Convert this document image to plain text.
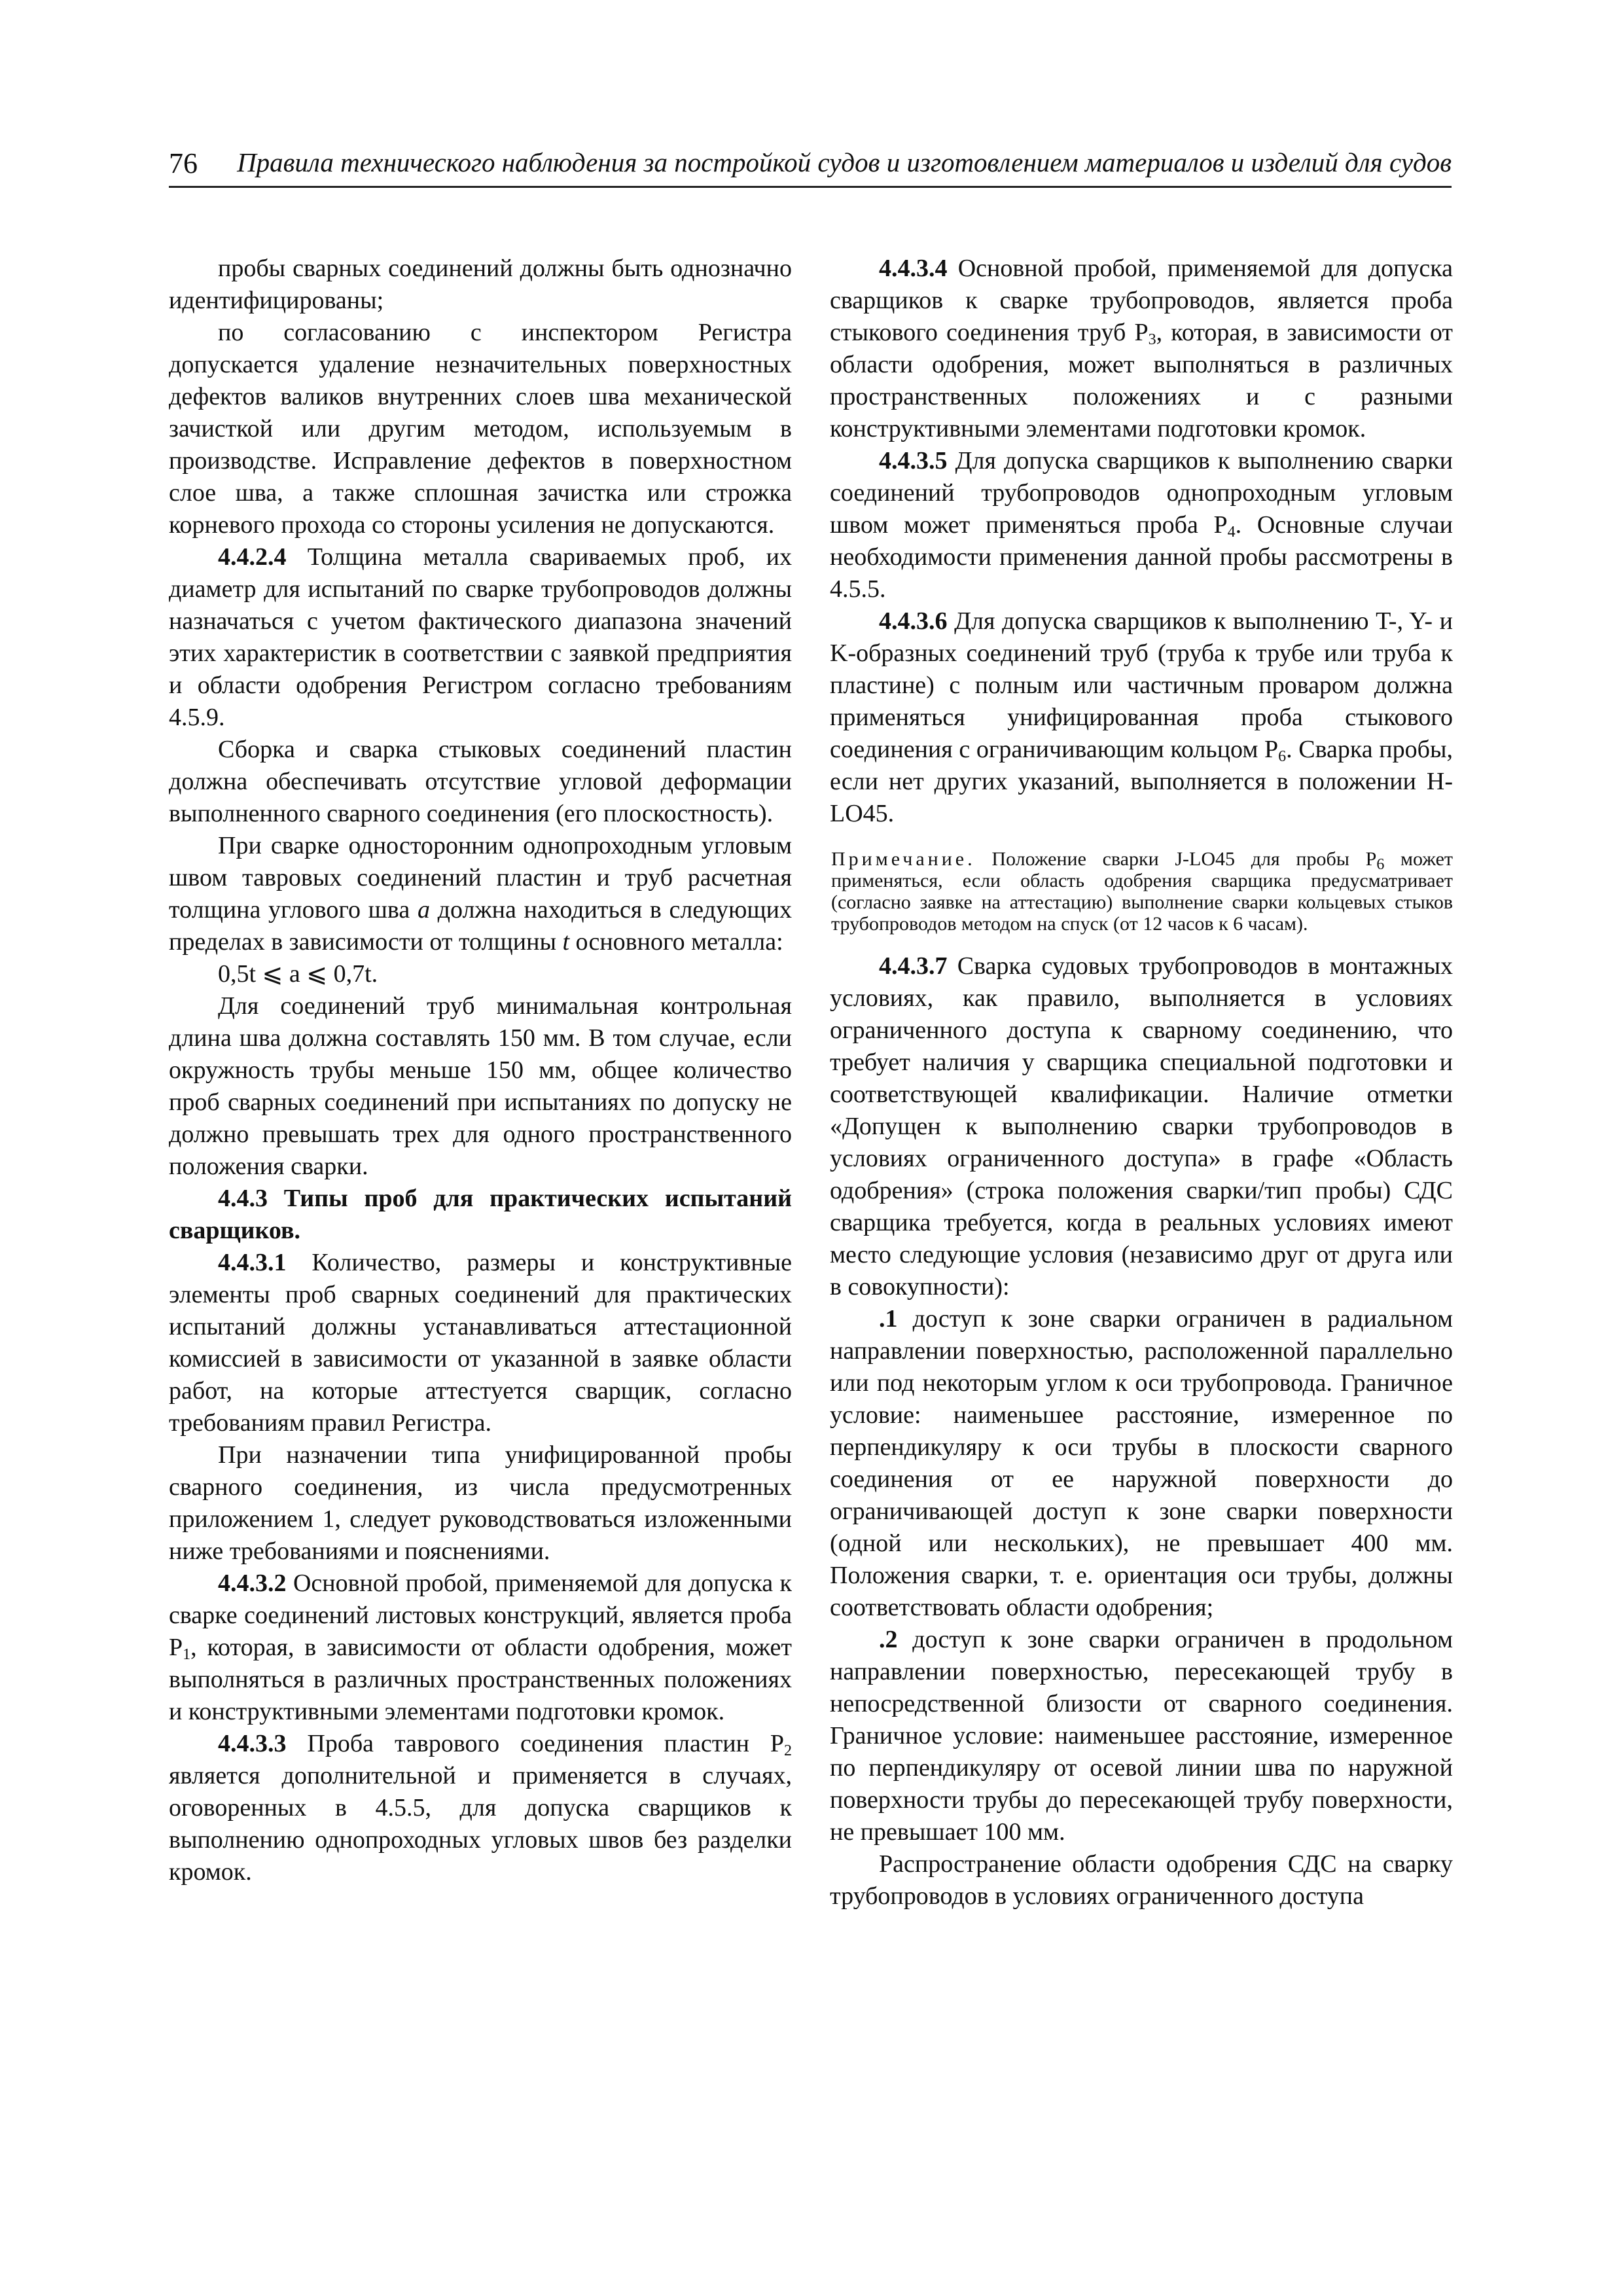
76 Правила технического наблюдения за постройкой судов и изготовлением материалов и изделий для судов

пробы сварных соединений должны быть однозначно идентифицированы;

по согласованию с инспектором Регистра допускается удаление незначительных поверхностных дефектов валиков внутренних слоев шва механической зачисткой или другим методом, используемым в производстве. Исправление дефектов в поверхностном слое шва, а также сплошная зачистка или строжка корневого прохода со стороны усиления не допускаются.

4.4.2.4 Толщина металла свариваемых проб, их диаметр для испытаний по сварке трубопроводов должны назначаться с учетом фактического диапазона значений этих характеристик в соответствии с заявкой предприятия и области одобрения Регистром согласно требованиям 4.5.9.

Сборка и сварка стыковых соединений пластин должна обеспечивать отсутствие угловой деформации выполненного сварного соединения (его плоскостность).

При сварке односторонним однопроходным угловым швом тавровых соединений пластин и труб расчетная толщина углового шва a должна находиться в следующих пределах в зависимости от толщины t основного металла:

0,5t ⩽ a ⩽ 0,7t.

Для соединений труб минимальная контрольная длина шва должна составлять 150 мм. В том случае, если окружность трубы меньше 150 мм, общее количество проб сварных соединений при испытаниях по допуску не должно превышать трех для одного пространственного положения сварки.

4.4.3 Типы проб для практических испытаний сварщиков.

4.4.3.1 Количество, размеры и конструктивные элементы проб сварных соединений для практических испытаний должны устанавливаться аттестационной комиссией в зависимости от указанной в заявке области работ, на которые аттестуется сварщик, согласно требованиям правил Регистра.

При назначении типа унифицированной пробы сварного соединения, из числа предусмотренных приложением 1, следует руководствоваться изложенными ниже требованиями и пояснениями.

4.4.3.2 Основной пробой, применяемой для допуска к сварке соединений листовых конструкций, является проба $P_1$, которая, в зависимости от области одобрения, может выполняться в различных пространственных положениях и конструктивными элементами подготовки кромок.

4.4.3.3 Проба таврового соединения пластин $P_2$ является дополнительной и применяется в случаях, оговоренных в 4.5.5, для допуска сварщиков к выполнению однопроходных угловых швов без разделки кромок.

4.4.3.4 Основной пробой, применяемой для допуска сварщиков к сварке трубопроводов, является проба стыкового соединения труб $P_3$, которая, в зависимости от области одобрения, может выполняться в различных пространственных положениях и с разными конструктивными элементами подготовки кромок.

4.4.3.5 Для допуска сварщиков к выполнению сварки соединений трубопроводов однопроходным угловым швом может применяться проба $P_4$. Основные случаи необходимости применения данной пробы рассмотрены в 4.5.5.

4.4.3.6 Для допуска сварщиков к выполнению T-, Y- и K-образных соединений труб (труба к трубе или труба к пластине) с полным или частичным проваром должна применяться унифицированная проба стыкового соединения с ограничивающим кольцом $P_6$. Сварка пробы, если нет других указаний, выполняется в положении H-LO45.

Примечание. Положение сварки J-LO45 для пробы $P_6$ может применяться, если область одобрения сварщика предусматривает (согласно заявке на аттестацию) выполнение сварки кольцевых стыков трубопроводов методом на спуск (от 12 часов к 6 часам).

4.4.3.7 Сварка судовых трубопроводов в монтажных условиях, как правило, выполняется в условиях ограниченного доступа к сварному соединению, что требует наличия у сварщика специальной подготовки и соответствующей квалификации. Наличие отметки «Допущен к выполнению сварки трубопроводов в условиях ограниченного доступа» в графе «Область одобрения» (строка положения сварки/тип пробы) СДС сварщика требуется, когда в реальных условиях имеют место следующие условия (независимо друг от друга или в совокупности):

.1 доступ к зоне сварки ограничен в радиальном направлении поверхностью, расположенной параллельно или под некоторым углом к оси трубопровода. Граничное условие: наименьшее расстояние, измеренное по перпендикуляру к оси трубы в плоскости сварного соединения от ее наружной поверхности до ограничивающей доступ к зоне сварки поверхности (одной или нескольких), не превышает 400 мм. Положения сварки, т. е. ориентация оси трубы, должны соответствовать области одобрения;

.2 доступ к зоне сварки ограничен в продольном направлении поверхностью, пересекающей трубу в непосредственной близости от сварного соединения. Граничное условие: наименьшее расстояние, измеренное по перпендикуляру от осевой линии шва по наружной поверхности трубы до пересекающей трубу поверхности, не превышает 100 мм.

Распространение области одобрения СДС на сварку трубопроводов в условиях ограниченного доступа
